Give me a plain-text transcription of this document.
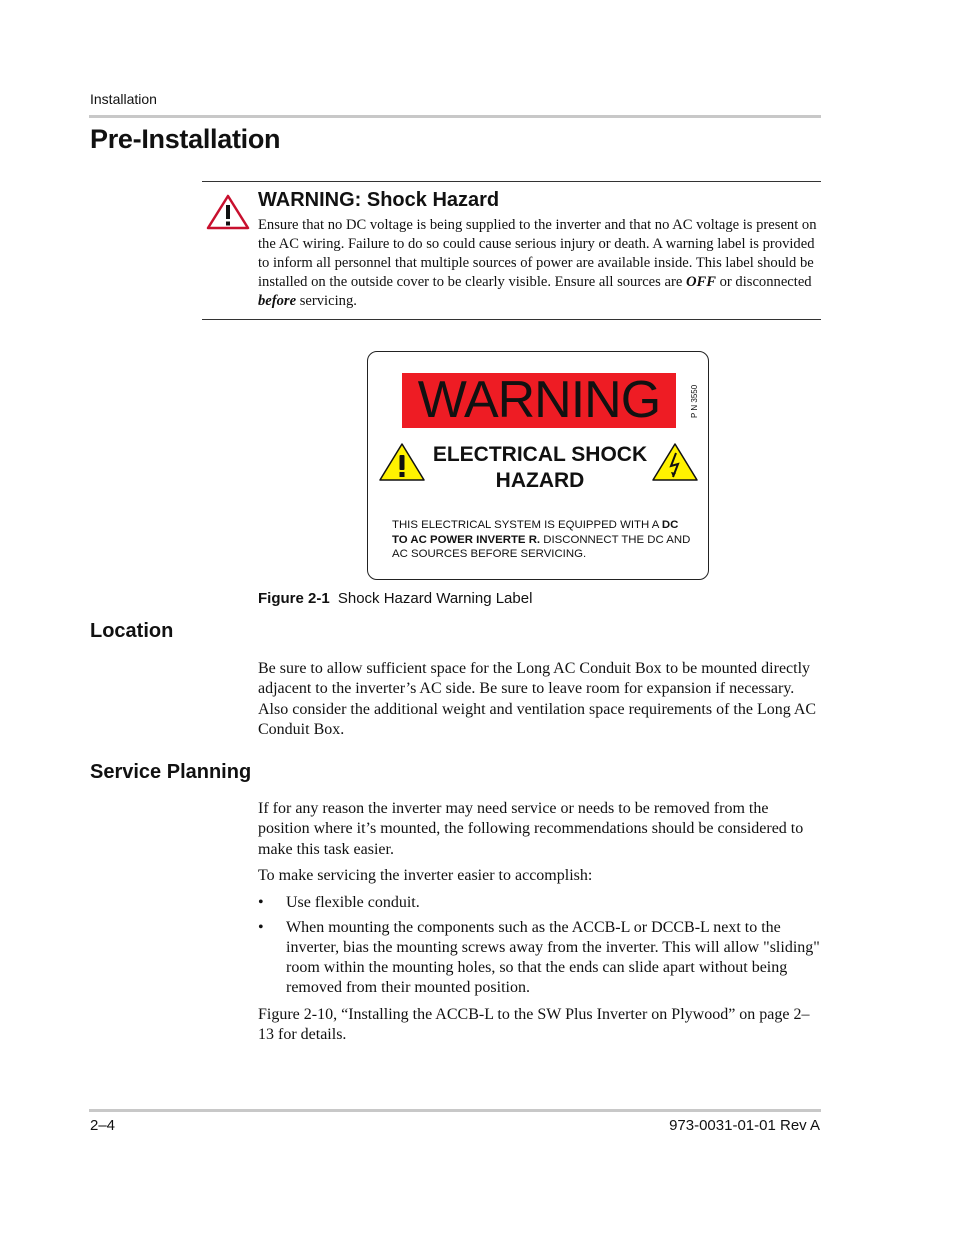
Installation
Pre-Installation
WARNING: Shock Hazard
Ensure that no DC voltage is being supplied to the inverter and that no AC voltage is present on the AC wiring. Failure to do so could cause serious injury or death. A warning label is provided to inform all personnel that multiple sources of power are available inside. This label should be installed on the outside cover to be clearly visible. Ensure all sources are OFF or disconnected before servicing.
WARNING	P N 3550
ELECTRICAL SHOCK HAZARD
THIS ELECTRICAL SYSTEM IS EQUIPPED WITH A DC TO AC POWER INVERTE R. DISCONNECT THE DC AND AC SOURCES BEFORE SERVICING.
Figure 2-1 Shock Hazard Warning Label
Location

Be sure to allow sufficient space for the Long AC Conduit Box to be mounted directly adjacent to the inverter’s AC side. Be sure to leave room for expansion if necessary. Also consider the additional weight and ventilation space requirements of the Long AC Conduit Box.

Service Planning

If for any reason the inverter may need service or needs to be removed from the position where it’s mounted, the following recommendations should be considered to make this task easier.

To make servicing the inverter easier to accomplish:

• Use flexible conduit.
• When mounting the components such as the ACCB-L or DCCB-L next to the inverter, bias the mounting screws away from the inverter. This will allow "sliding" room within the mounting holes, so that the ends can slide apart without being removed from their mounted position.

Figure 2-10, “Installing the ACCB-L to the SW Plus Inverter on Plywood” on page 2–13 for details.

2–4	973-0031-01-01 Rev A
